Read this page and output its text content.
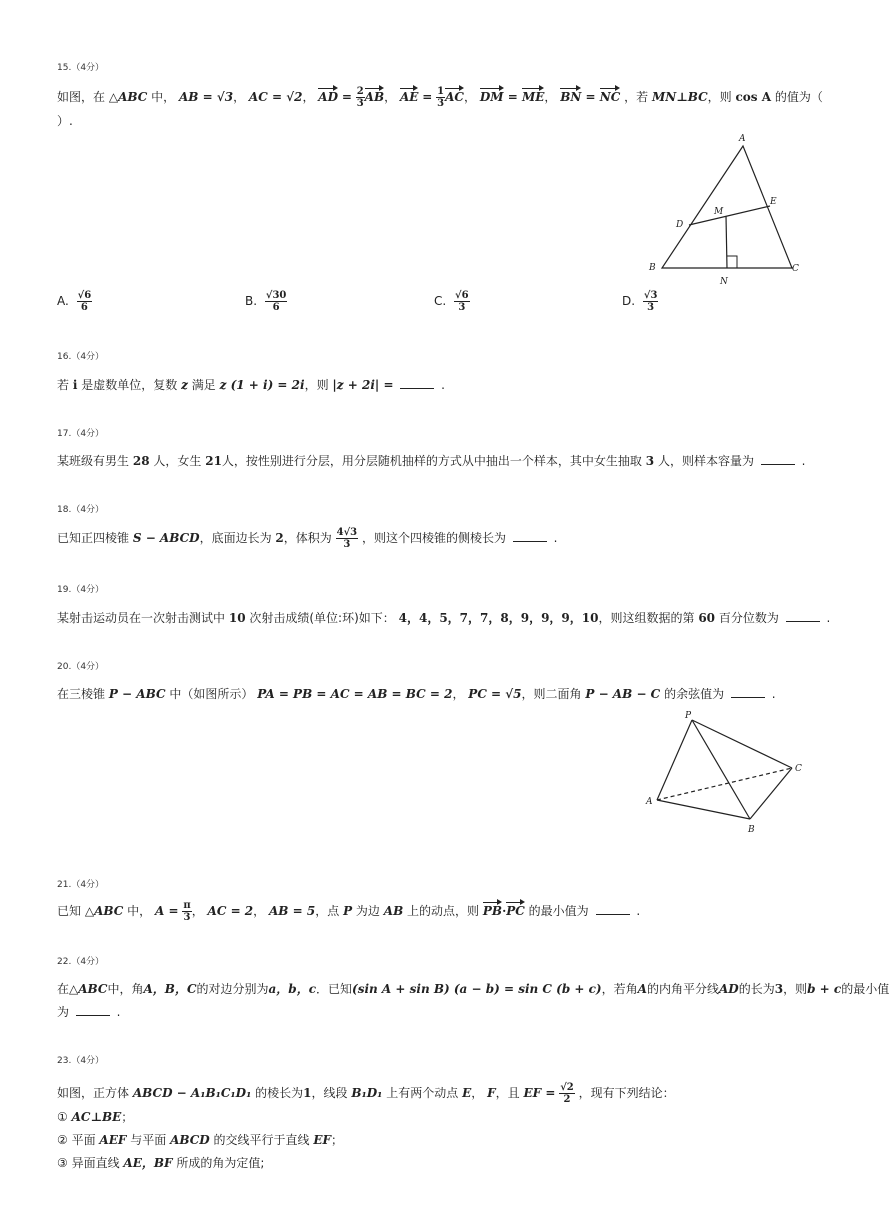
15.（4分）
如图，在 △ABC 中， AB = √3， AC = √2， AD = $\frac{2}{3}$ AB， AE = $\frac{1}{3}$ AC， DM = ME， BN = NC ，若 MN⊥BC，则 cos A 的值为（
）.
A
B	C
D
E
M
N
A. $\frac{√6}{6}$	B. $\frac{√30}{6}$	C. $\frac{√6}{3}$	D. $\frac{√3}{3}$
16.（4分）
若 i 是虚数单位，复数 z 满足 z (1 + i) = 2i，则 |z + 2i| =	.
17.（4分）
某班级有男生 28 人，女生 21人，按性别进行分层，用分层随机抽样的方式从中抽出一个样本，其中女生抽取 3 人，则样本容量为	.
18.（4分）
已知正四棱锥 S − ABCD，底面边长为 2，体积为 $\frac{4√3}{3}$ ，则这个四棱锥的侧棱长为	.
19.（4分）
某射击运动员在一次射击测试中 10 次射击成绩(单位:环)如下： 4，4，5，7，7，8，9，9，9，10，则这组数据的第 60 百分位数为	.
20.（4分）
在三棱锥 P − ABC 中（如图所示） PA = PB = AC = AB = BC = 2， PC = √5，则二面角 P − AB − C 的余弦值为	.
P
A
B
C
21.（4分）
已知 △ABC 中， $A = \frac{\pi}{3}$ ， AC = 2， AB = 5，点 P 为边 AB 上的动点，则 PB·PC 的最小值为	.
22.（4分）
在△ABC中，角A，B，C的对边分别为a，b，c．已知(sin A + sin B) (a − b) = sin C (b + c)，若角A的内角平分线AD的长为3，则b + c的最小值
为	.
23.（4分）
如图，正方体 ABCD − A₁B₁C₁D₁ 的棱长为1，线段 B₁D₁ 上有两个动点 E， F，且 EF = $\frac{√2}{2}$ ，现有下列结论：
① AC⊥BE；
② 平面 AEF 与平面 ABCD 的交线平行于直线 EF；
③ 异面直线 AE，BF 所成的角为定值;
